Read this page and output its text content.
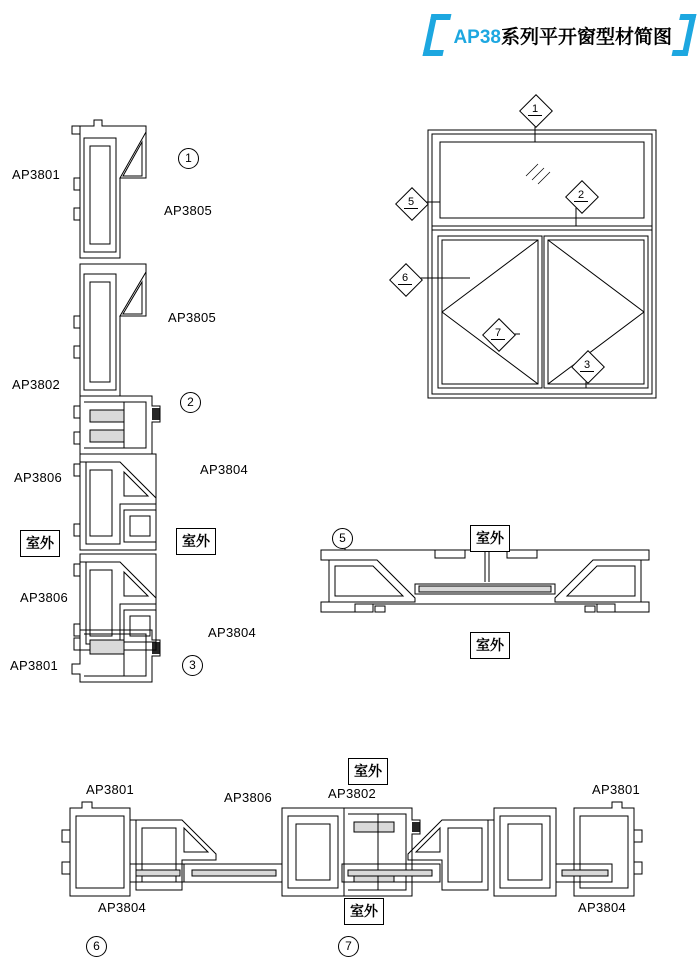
AP38系列平开窗型材简图
AP3801
AP3805
AP3805
AP3802
AP3806
AP3804
AP3806
AP3804
AP3801
室外	室外
1
2
3
1
2
3
5
6
7
5	室外
室外
AP3801
AP3806	AP3802	AP3801
AP3804	AP3804
室外
室外
6	7
